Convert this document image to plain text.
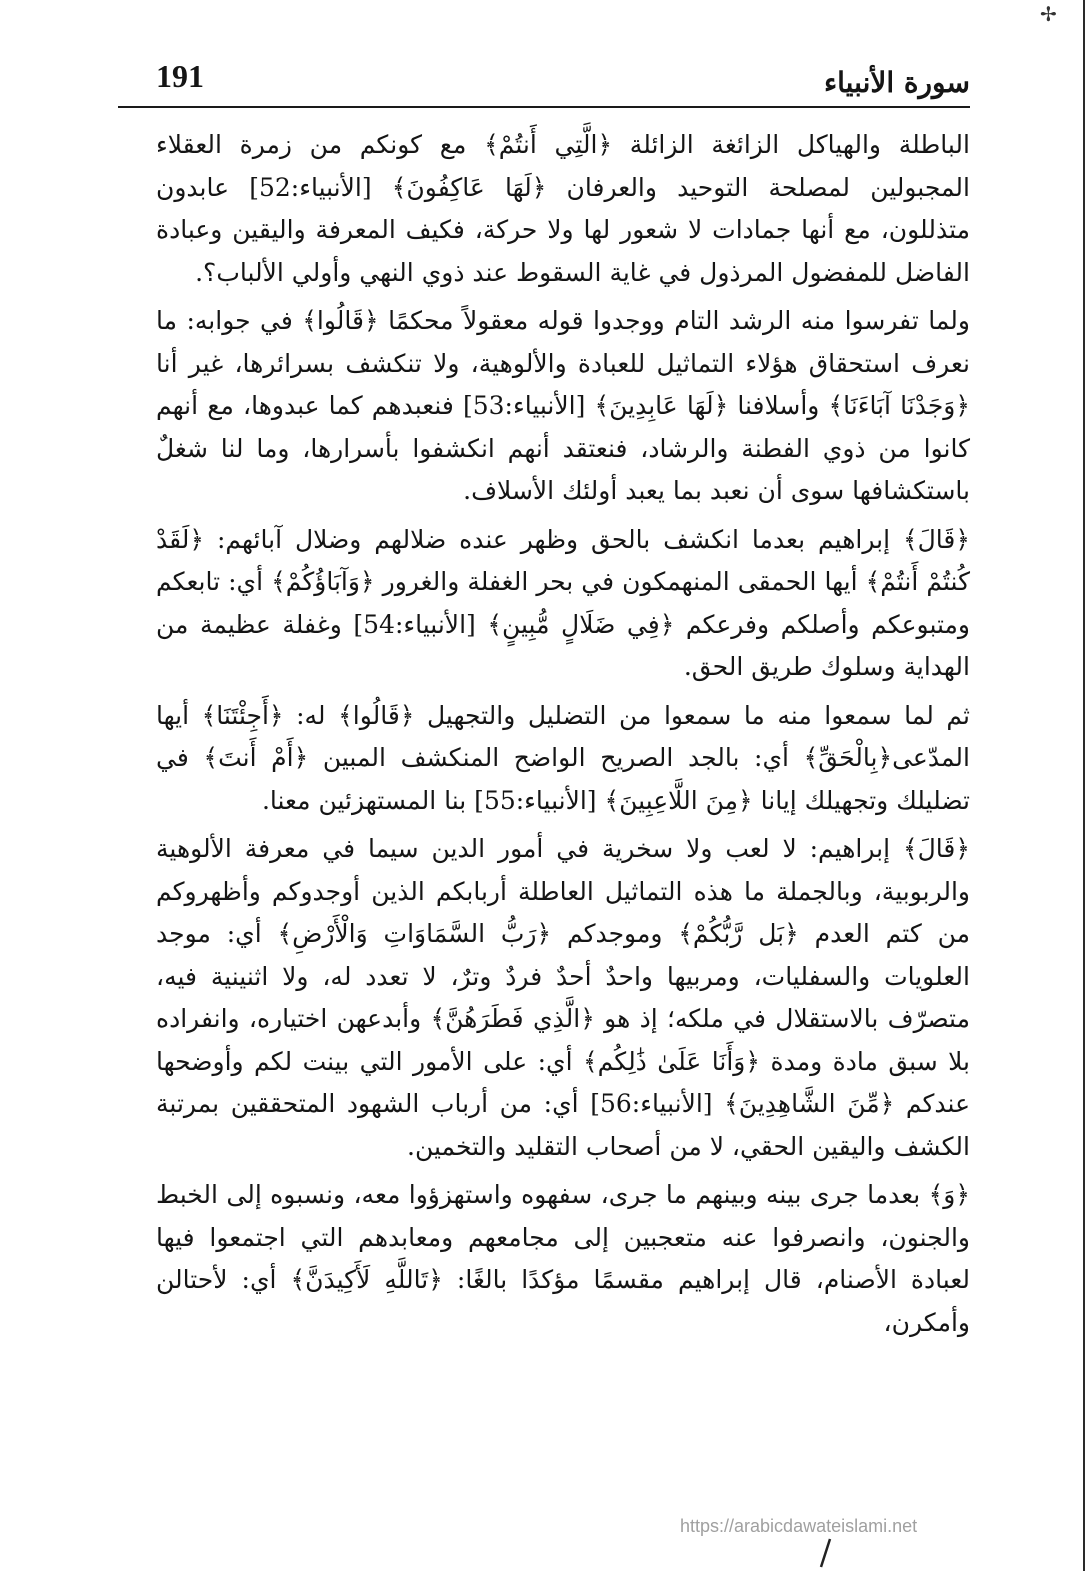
✢
سورة الأنبياء
191

الباطلة والهياكل الزائغة الزائلة ﴿الَّتِي أَنتُمْ﴾ مع كونكم من زمرة العقلاء المجبولين لمصلحة التوحيد والعرفان ﴿لَهَا عَاكِفُونَ﴾ [الأنبياء:52] عابدون متذللون، مع أنها جمادات لا شعور لها ولا حركة، فكيف المعرفة واليقين وعبادة الفاضل للمفضول المرذول في غاية السقوط عند ذوي النهي وأولي الألباب؟.

ولما تفرسوا منه الرشد التام ووجدوا قوله معقولاً محكمًا ﴿قَالُوا﴾ في جوابه: ما نعرف استحقاق هؤلاء التماثيل للعبادة والألوهية، ولا تنكشف بسرائرها، غير أنا ﴿وَجَدْنَا آبَاءَنَا﴾ وأسلافنا ﴿لَهَا عَابِدِينَ﴾ [الأنبياء:53] فنعبدهم كما عبدوها، مع أنهم كانوا من ذوي الفطنة والرشاد، فنعتقد أنهم انكشفوا بأسرارها، وما لنا شغلٌ باستكشافها سوى أن نعبد بما يعبد أولئك الأسلاف.

﴿قَالَ﴾ إبراهيم بعدما انكشف بالحق وظهر عنده ضلالهم وضلال آبائهم: ﴿لَقَدْ كُنتُمْ أَنتُمْ﴾ أيها الحمقى المنهمكون في بحر الغفلة والغرور ﴿وَآبَاؤُكُمْ﴾ أي: تابعكم ومتبوعكم وأصلكم وفرعكم ﴿فِي ضَلَالٍ مُّبِينٍ﴾ [الأنبياء:54] وغفلة عظيمة من الهداية وسلوك طريق الحق.

ثم لما سمعوا منه ما سمعوا من التضليل والتجهيل ﴿قَالُوا﴾ له: ﴿أَجِئْتَنَا﴾ أيها المدّعى﴿بِالْحَقِّ﴾ أي: بالجد الصريح الواضح المنكشف المبين ﴿أَمْ أَنتَ﴾ في تضليلك وتجهيلك إيانا ﴿مِنَ اللَّاعِبِينَ﴾ [الأنبياء:55] بنا المستهزئين معنا.

﴿قَالَ﴾ إبراهيم: لا لعب ولا سخرية في أمور الدين سيما في معرفة الألوهية والربوبية، وبالجملة ما هذه التماثيل العاطلة أربابكم الذين أوجدوكم وأظهروكم من كتم العدم ﴿بَل رَّبُّكُمْ﴾ وموجدكم ﴿رَبُّ السَّمَاوَاتِ وَالْأَرْضِ﴾ أي: موجد العلويات والسفليات، ومربيها واحدٌ أحدٌ فردٌ وترٌ، لا تعدد له، ولا اثنينية فيه، متصرّف بالاستقلال في ملكه؛ إذ هو ﴿الَّذِي فَطَرَهُنَّ﴾ وأبدعهن اختياره، وانفراده بلا سبق مادة ومدة ﴿وَأَنَا عَلَىٰ ذَٰلِكُم﴾ أي: على الأمور التي بينت لكم وأوضحها عندكم ﴿مِّنَ الشَّاهِدِينَ﴾ [الأنبياء:56] أي: من أرباب الشهود المتحققين بمرتبة الكشف واليقين الحقي، لا من أصحاب التقليد والتخمين.

﴿وَ﴾ بعدما جرى بينه وبينهم ما جرى، سفهوه واستهزؤوا معه، ونسبوه إلى الخبط والجنون، وانصرفوا عنه متعجبين إلى مجامعهم ومعابدهم التي اجتمعوا فيها لعبادة الأصنام، قال إبراهيم مقسمًا مؤكدًا بالغًا: ﴿تَاللَّهِ لَأَكِيدَنَّ﴾ أي: لأحتالن وأمكرن،

https://arabicdawateislami.net
